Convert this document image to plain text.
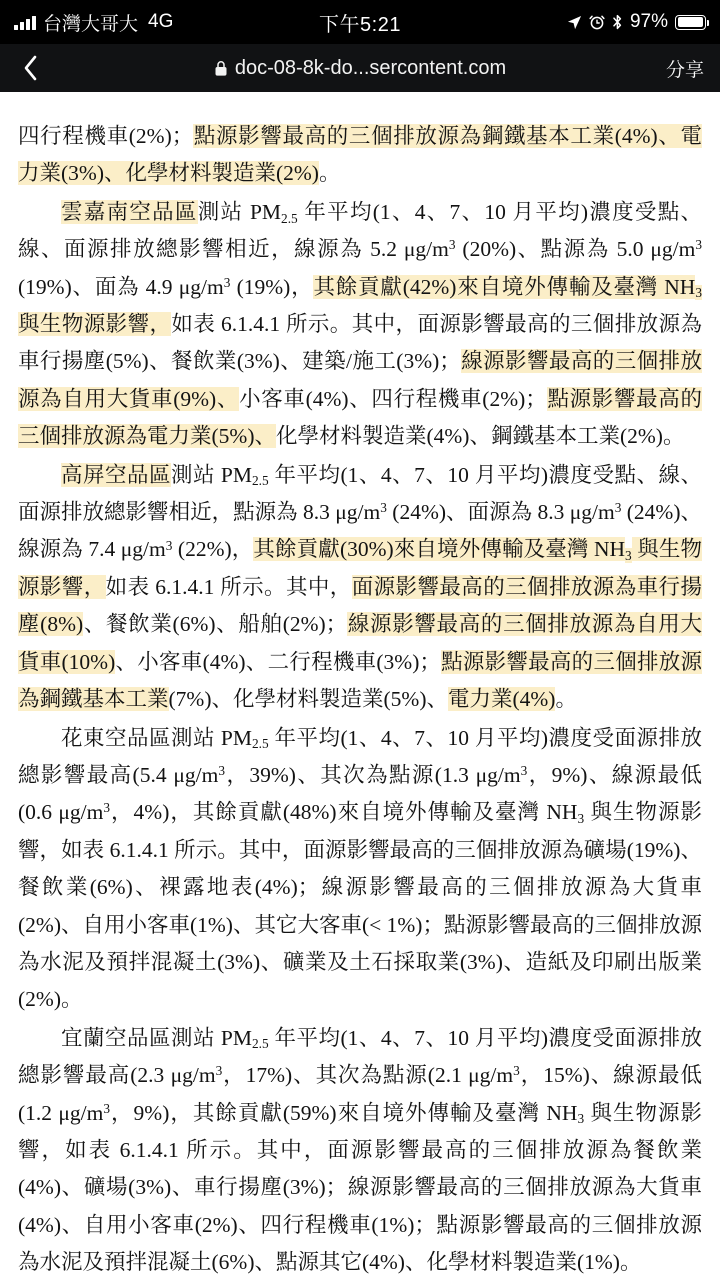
台灣大哥大 4G	下午5:21	97%
doc-08-8k-do...sercontent.com	分享

四行程機車(2%)；點源影響最高的三個排放源為鋼鐵基本工業(4%)、電力業(3%)、化學材料製造業(2%)。

雲嘉南空品區測站 $PM_{2.5}$ 年平均(1、4、7、10 月平均)濃度受點、線、面源排放總影響相近，線源為 5.2 $\mu g/m^3$ (20%)、點源為 5.0 $\mu g/m^3$ (19%)、面為 4.9 $\mu g/m^3$ (19%)，其餘貢獻(42%)來自境外傳輸及臺灣 $NH_3$ 與生物源影響，如表 6.1.4.1 所示。其中，面源影響最高的三個排放源為車行揚塵(5%)、餐飲業(3%)、建築/施工(3%)；線源影響最高的三個排放源為自用大貨車(9%)、小客車(4%)、四行程機車(2%)；點源影響最高的三個排放源為電力業(5%)、化學材料製造業(4%)、鋼鐵基本工業(2%)。

高屏空品區測站 $PM_{2.5}$ 年平均(1、4、7、10 月平均)濃度受點、線、面源排放總影響相近，點源為 8.3 $\mu g/m^3$ (24%)、面源為 8.3 $\mu g/m^3$ (24%)、線源為 7.4 $\mu g/m^3$ (22%)，其餘貢獻(30%)來自境外傳輸及臺灣 $NH_3$ 與生物源影響，如表 6.1.4.1 所示。其中，面源影響最高的三個排放源為車行揚塵(8%)、餐飲業(6%)、船舶(2%)；線源影響最高的三個排放源為自用大貨車(10%)、小客車(4%)、二行程機車(3%)；點源影響最高的三個排放源為鋼鐵基本工業(7%)、化學材料製造業(5%)、電力業(4%)。

花東空品區測站 $PM_{2.5}$ 年平均(1、4、7、10 月平均)濃度受面源排放總影響最高(5.4 $\mu g/m^3$，39%)、其次為點源(1.3 $\mu g/m^3$，9%)、線源最低(0.6 $\mu g/m^3$，4%)，其餘貢獻(48%)來自境外傳輸及臺灣 $NH_3$ 與生物源影響，如表 6.1.4.1 所示。其中，面源影響最高的三個排放源為礦場(19%)、餐飲業(6%)、裸露地表(4%)；線源影響最高的三個排放源為大貨車(2%)、自用小客車(1%)、其它大客車(< 1%)；點源影響最高的三個排放源為水泥及預拌混凝土(3%)、礦業及土石採取業(3%)、造紙及印刷出版業(2%)。

宜蘭空品區測站 $PM_{2.5}$ 年平均(1、4、7、10 月平均)濃度受面源排放總影響最高(2.3 $\mu g/m^3$，17%)、其次為點源(2.1 $\mu g/m^3$，15%)、線源最低(1.2 $\mu g/m^3$，9%)，其餘貢獻(59%)來自境外傳輸及臺灣 $NH_3$ 與生物源影響，如表 6.1.4.1 所示。其中，面源影響最高的三個排放源為餐飲業(4%)、礦場(3%)、車行揚塵(3%)；線源影響最高的三個排放源為大貨車(4%)、自用小客車(2%)、四行程機車(1%)；點源影響最高的三個排放源為水泥及預拌混凝土(6%)、點源其它(4%)、化學材料製造業(1%)。
